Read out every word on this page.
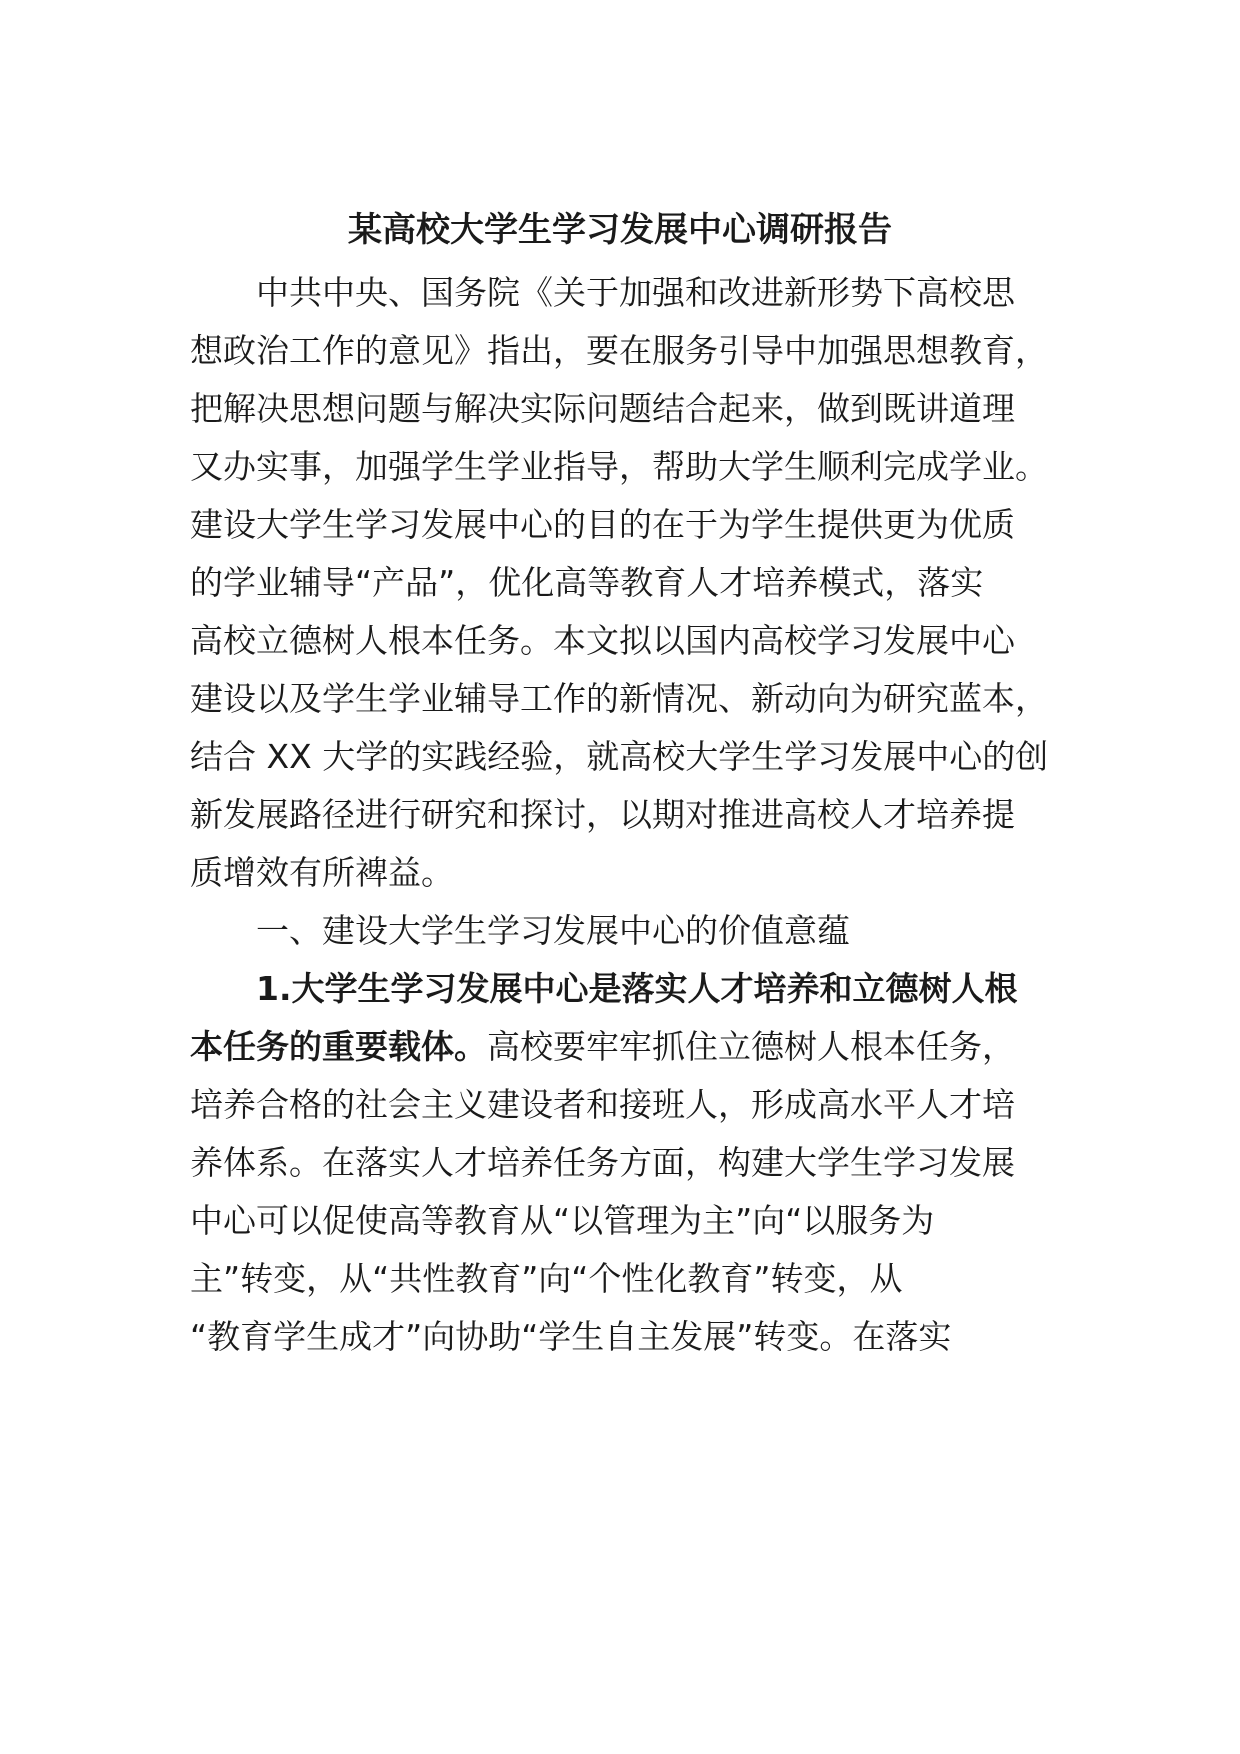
某高校大学生学习发展中心调研报告
中共中央、国务院《关于加强和改进新形势下高校思
想政治工作的意见》指出，要在服务引导中加强思想教育，
把解决思想问题与解决实际问题结合起来，做到既讲道理
又办实事，加强学生学业指导，帮助大学生顺利完成学业。
建设大学生学习发展中心的目的在于为学生提供更为优质
的学业辅导“产品”，优化高等教育人才培养模式，落实
高校立德树人根本任务。本文拟以国内高校学习发展中心
建设以及学生学业辅导工作的新情况、新动向为研究蓝本，
结合 XX 大学的实践经验，就高校大学生学习发展中心的创
新发展路径进行研究和探讨，以期对推进高校人才培养提
质增效有所裨益。
一、建设大学生学习发展中心的价值意蕴
1.大学生学习发展中心是落实人才培养和立德树人根
本任务的重要载体。高校要牢牢抓住立德树人根本任务，
培养合格的社会主义建设者和接班人，形成高水平人才培
养体系。在落实人才培养任务方面，构建大学生学习发展
中心可以促使高等教育从“以管理为主”向“以服务为
主”转变，从“共性教育”向“个性化教育”转变，从
“教育学生成才”向协助“学生自主发展”转变。在落实
